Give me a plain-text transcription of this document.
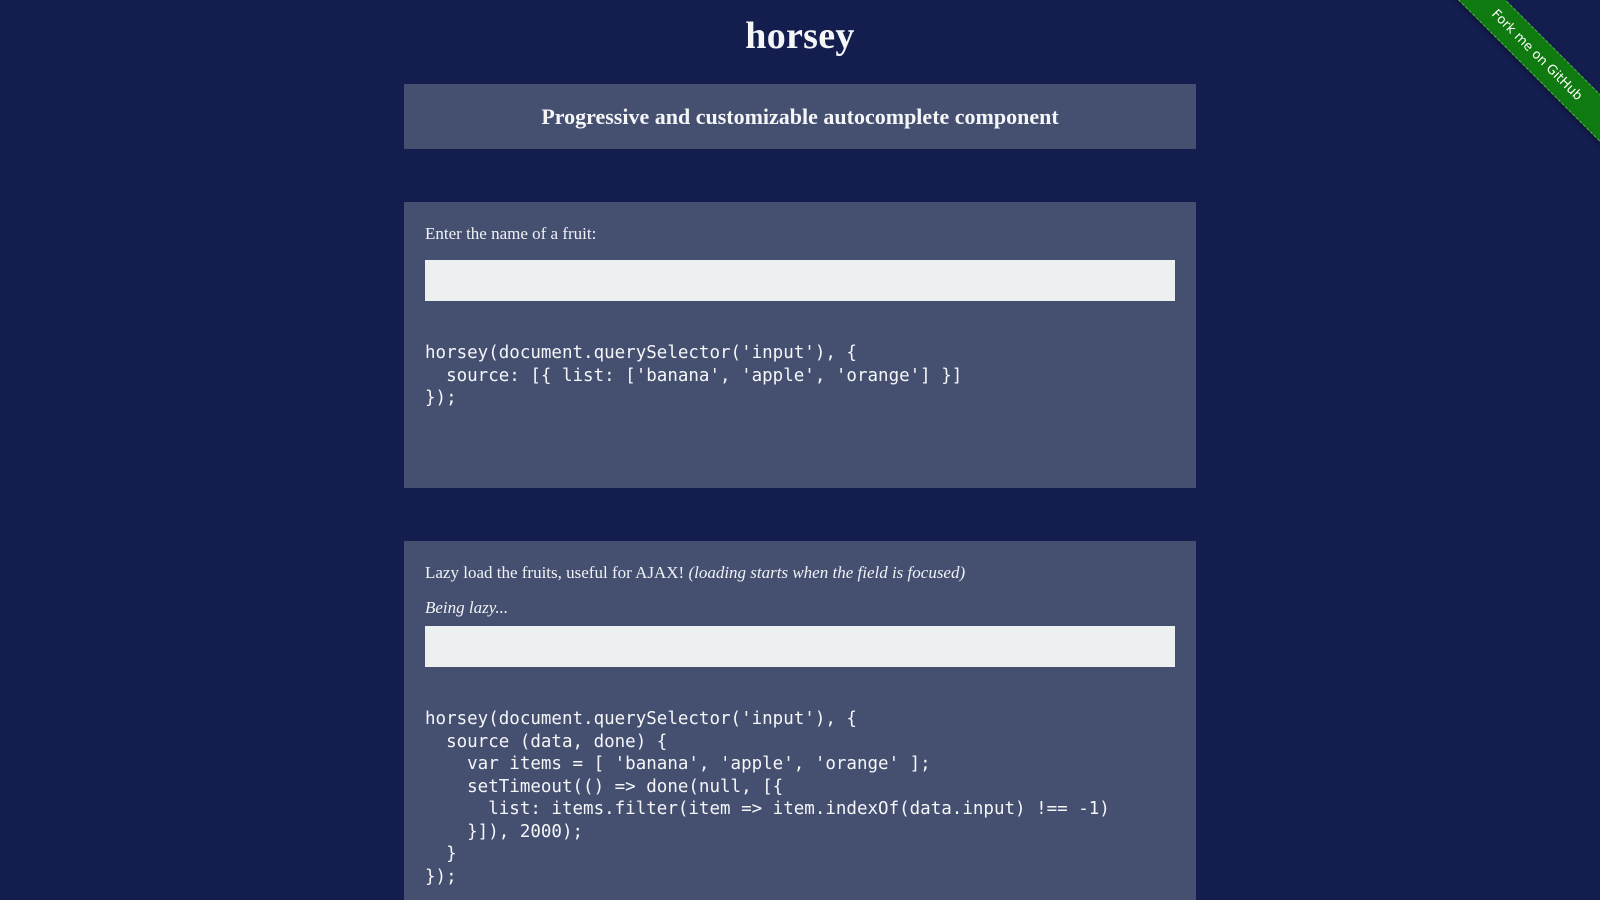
horsey	Fork me on GitHub
Progressive and customizable autocomplete component

Enter the name of a fruit:

horsey(document.querySelector('input'), {
source: [{ list: ['banana', 'apple', 'orange'] }]
});

Lazy load the fruits, useful for AJAX! (loading starts when the field is focused)

Being lazy...

horsey(document.querySelector('input'), {
source (data, done) {
var items = [ 'banana', 'apple', 'orange' ];
setTimeout(() => done(null, [{
list: items.filter(item => item.indexOf(data.input) !== -1)
}]), 2000);
}
});
